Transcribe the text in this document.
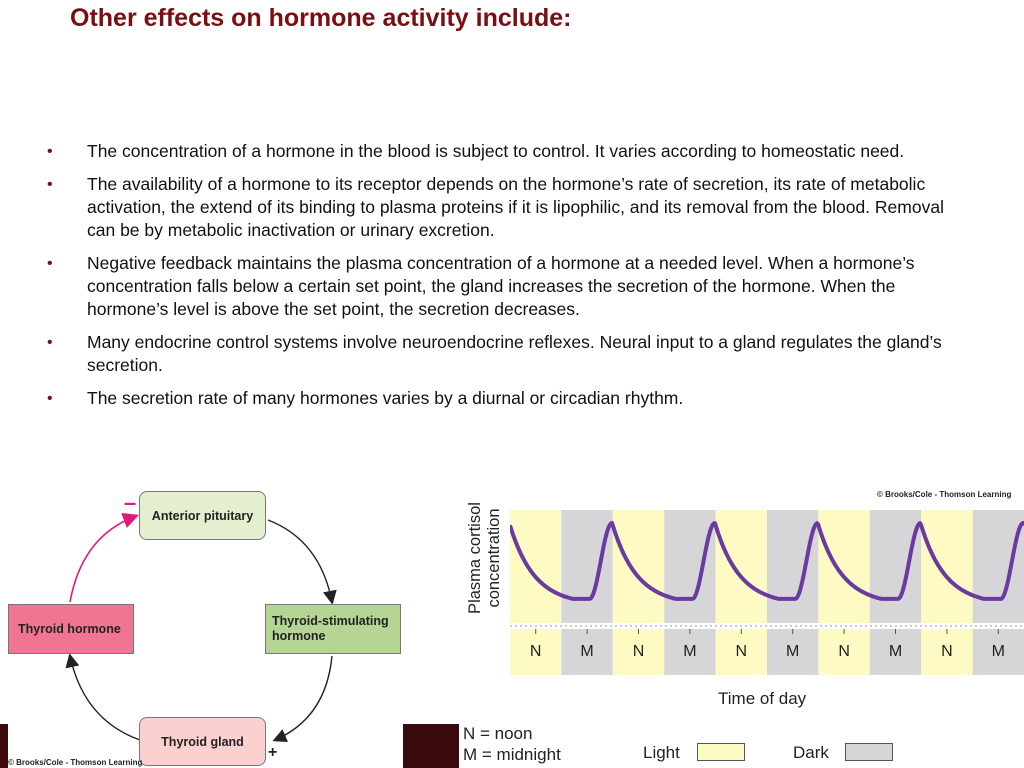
Other effects on hormone activity include:
• The concentration of a hormone in the blood is subject to control. It varies according to homeostatic need.
• The availability of a hormone to its receptor depends on the hormone’s rate of secretion, its rate of metabolic activation, the extend of its binding to plasma proteins if it is lipophilic, and its removal from the blood. Removal can be by metabolic inactivation or urinary excretion.
• Negative feedback maintains the plasma concentration of a hormone at a needed level. When a hormone’s concentration falls below a certain set point, the gland increases the secretion of the hormone. When the hormone’s level is above the set point, the secretion decreases.
• Many endocrine control systems involve neuroendocrine reflexes. Neural input to a gland regulates the gland’s secretion.
• The secretion rate of many hormones varies by a diurnal or circadian rhythm.
Anterior pituitary
–
Thyroid-stimulating
hormone
Thyroid hormone
Thyroid gland
+
© Brooks/Cole - Thomson Learning
© Brooks/Cole - Thomson Learning
Plasma cortisol concentration
N M N M N M N M N M
Time of day
N = noon
M = midnight	Light	Dark
